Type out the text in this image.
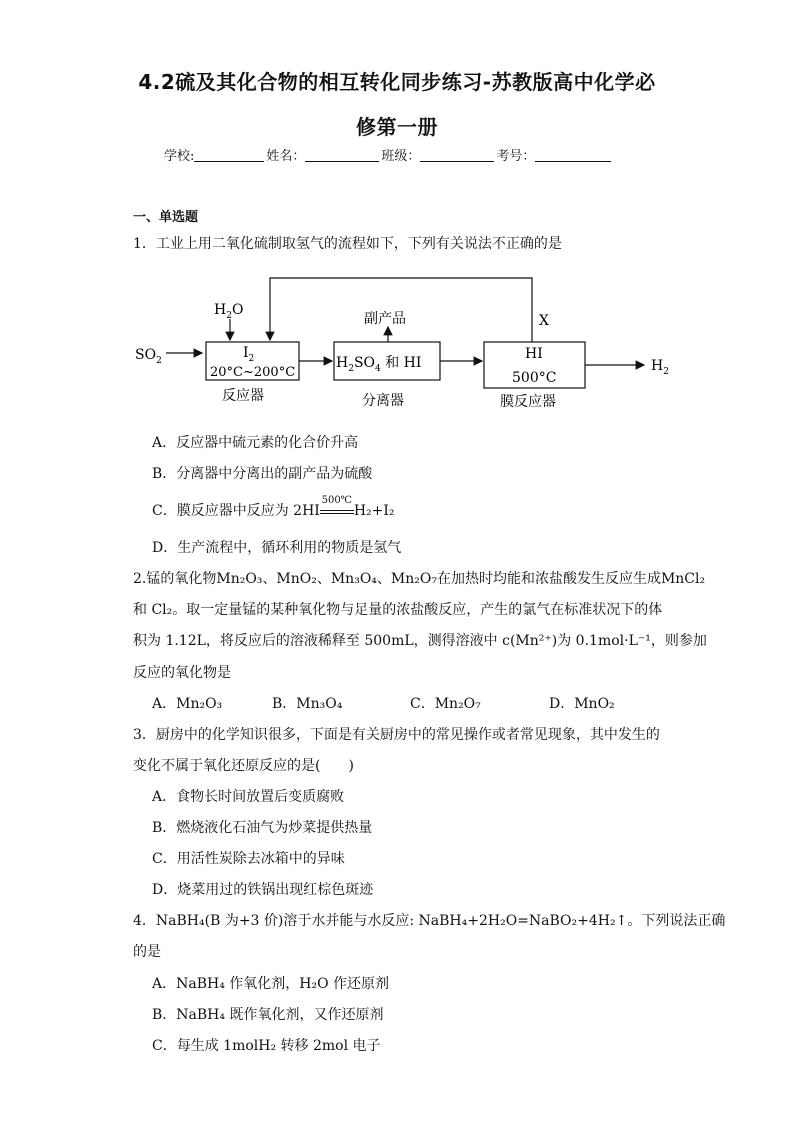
4.2硫及其化合物的相互转化同步练习-苏教版高中化学必
修第一册
学校:	姓名：	班级：	考号：
一、单选题
1．工业上用二氧化硫制取氢气的流程如下，下列有关说法不正确的是
$SO_2$
$H_2O$
$I_2$
20°C~200°C
反应器
X
$H_2SO_4$ 和 HI
分离器
副产品
HI
500°C
膜反应器
$H_2$
A．反应器中硫元素的化合价升高
B．分离器中分离出的副产品为硫酸
C．膜反应器中反应为 2HI
500℃
H₂+I₂
D．生产流程中，循环利用的物质是氢气
2.锰的氧化物Mn₂O₃、MnO₂、Mn₃O₄、Mn₂O₇在加热时均能和浓盐酸发生反应生成MnCl₂
和 Cl₂。取一定量锰的某种氧化物与足量的浓盐酸反应，产生的氯气在标准状况下的体
积为 1.12L，将反应后的溶液稀释至 500mL，测得溶液中 c(Mn²⁺)为 0.1mol·L⁻¹，则参加
反应的氧化物是
A．Mn₂O₃	B．Mn₃O₄	C．Mn₂O₇	D．MnO₂
3．厨房中的化学知识很多，下面是有关厨房中的常见操作或者常见现象，其中发生的
变化不属于氧化还原反应的是(　　)
A．食物长时间放置后变质腐败
B．燃烧液化石油气为炒菜提供热量
C．用活性炭除去冰箱中的异味
D．烧菜用过的铁锅出现红棕色斑迹
4．NaBH₄(B 为+3 价)溶于水并能与水反应: NaBH₄+2H₂O=NaBO₂+4H₂↑。下列说法正确
的是
A．NaBH₄ 作氧化剂，H₂O 作还原剂
B．NaBH₄ 既作氧化剂，又作还原剂
C．每生成 1molH₂ 转移 2mol 电子
